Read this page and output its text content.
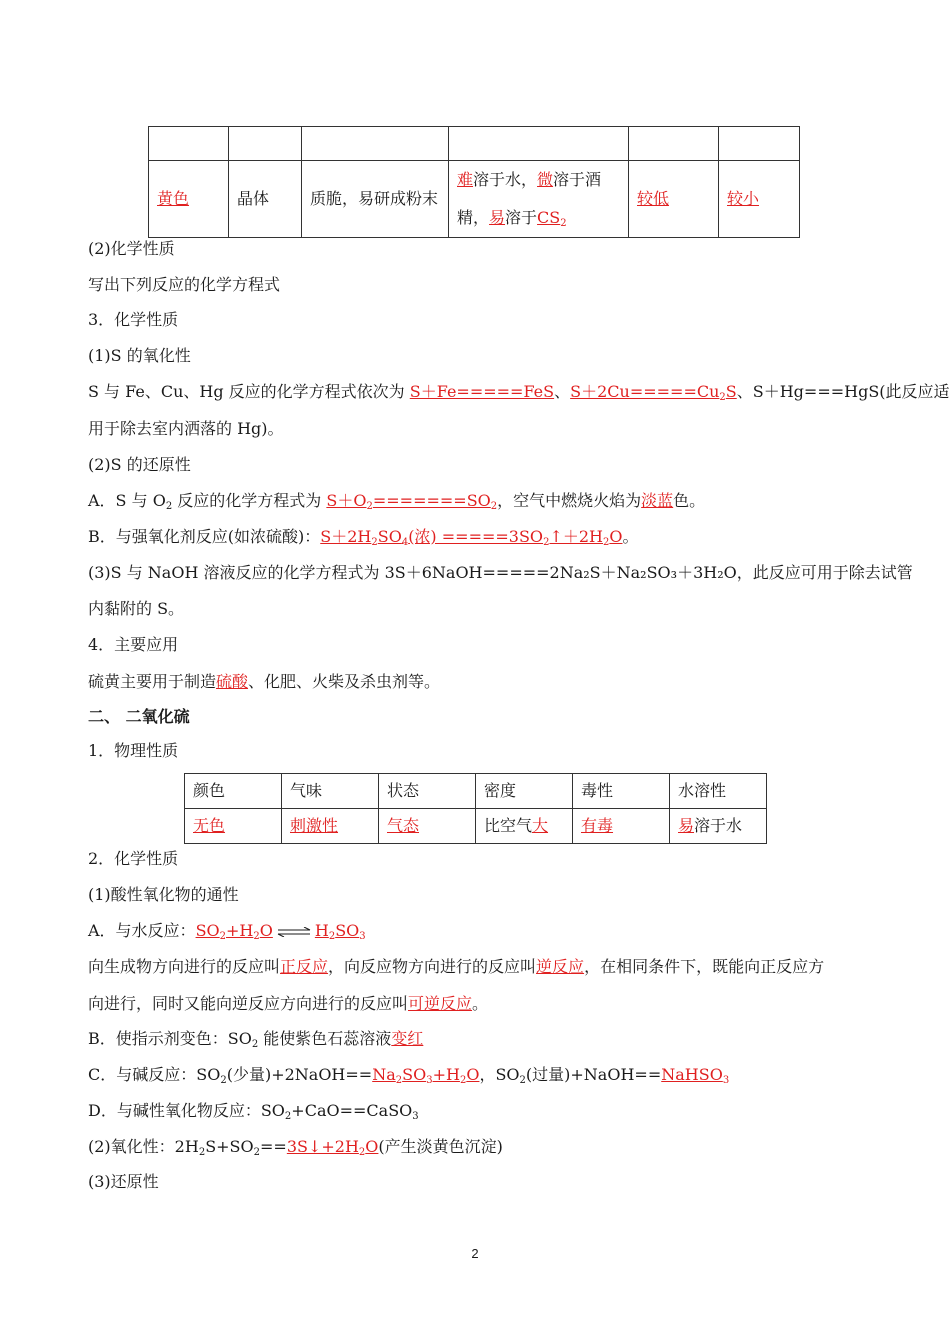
黄色	晶体	质脆，易研成粉末	难溶于水，微溶于酒精，易溶于$CS_2$	较低	较小
(2)化学性质
写出下列反应的化学方程式
3．化学性质
(1)S 的氧化性
S 与 Fe、Cu、Hg 反应的化学方程式依次为 S＋Fe=====FeS、$S+2Cu=====Cu_2S$、S＋Hg===HgS(此反应适
用于除去室内洒落的 Hg)。
(2)S 的还原性
A．S 与 $O_2$ 反应的化学方程式为 $S+O_2=======SO_2$，空气中燃烧火焰为淡蓝色。
B．与强氧化剂反应(如浓硫酸)：$S+2H_2SO_4$(浓) $=====3SO_2↑+2H_2O$。
(3)S 与 NaOH 溶液反应的化学方程式为 3S＋6NaOH=====2Na₂S＋Na₂SO₃＋3H₂O，此反应可用于除去试管
内黏附的 S。
4．主要应用
硫黄主要用于制造硫酸、化肥、火柴及杀虫剂等。
二、 二氧化硫
1．物理性质
颜色	气味	状态	密度	毒性	水溶性
无色	刺激性	气态	比空气大	有毒	易溶于水
2．化学性质
(1)酸性氧化物的通性
A．与水反应：$SO_2+H_2O$ ⇌ $H_2SO_3$
向生成物方向进行的反应叫正反应，向反应物方向进行的反应叫逆反应，在相同条件下，既能向正反应方
向进行，同时又能向逆反应方向进行的反应叫可逆反应。
B．使指示剂变色：$SO_2$ 能使紫色石蕊溶液变红
C．与碱反应：$SO_2$(少量)$+2NaOH==Na_2SO_3+H_2O$，$SO_2$(过量)+NaOH==NaHSO$_3$
D．与碱性氧化物反应：$SO_2+CaO==CaSO_3$
(2)氧化性：$2H_2S+SO_2==3S↓+2H_2O$(产生淡黄色沉淀)
(3)还原性
2
